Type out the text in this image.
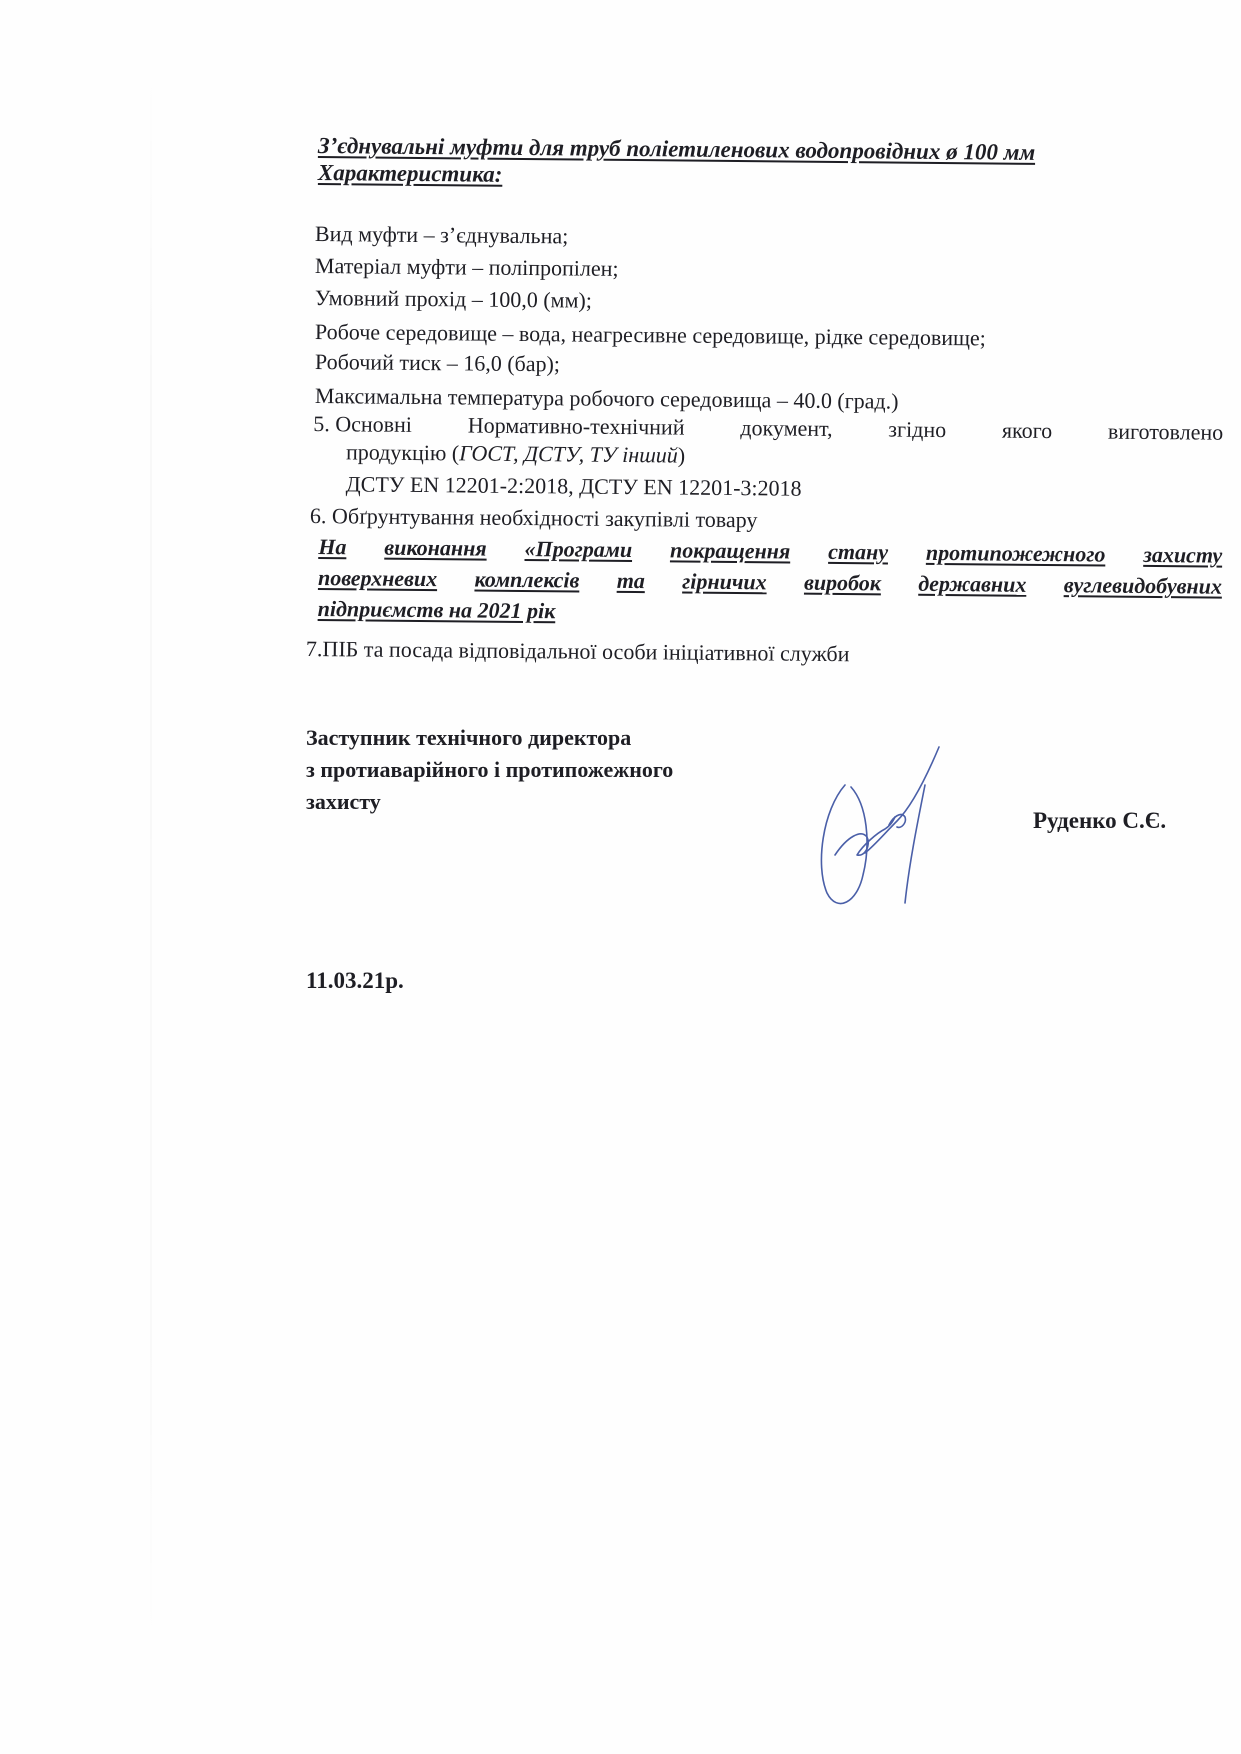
З’єднувальні муфти для труб поліетиленових водопровідних ø 100 мм
Характеристика:
Вид муфти – з’єднувальна;
Матеріал муфти – поліпропілен;
Умовний прохід – 100,0 (мм);
Робоче середовище – вода, неагресивне середовище, рідке середовище;
Робочий тиск – 16,0 (бар);
Максимальна температура робочого середовища – 40.0 (град.)
5. Основні	Нормативно-технічний	документ,	згідно	якого	виготовлено
продукцію (ГОСТ, ДСТУ, ТУ інший)
ДСТУ EN 12201-2:2018, ДСТУ EN 12201-3:2018
6. Обґрунтування необхідності закупівлі товару
На виконання «Програми покращення стану протипожежного захисту
поверхневих комплексів та гірничих виробок державних вуглевидобувних
підприємств на 2021 рік
7.ПІБ та посада відповідальної особи ініціативної служби
Заступник технічного директора
з протиаварійного і протипожежного
захисту
Руденко С.Є.
11.03.21р.
